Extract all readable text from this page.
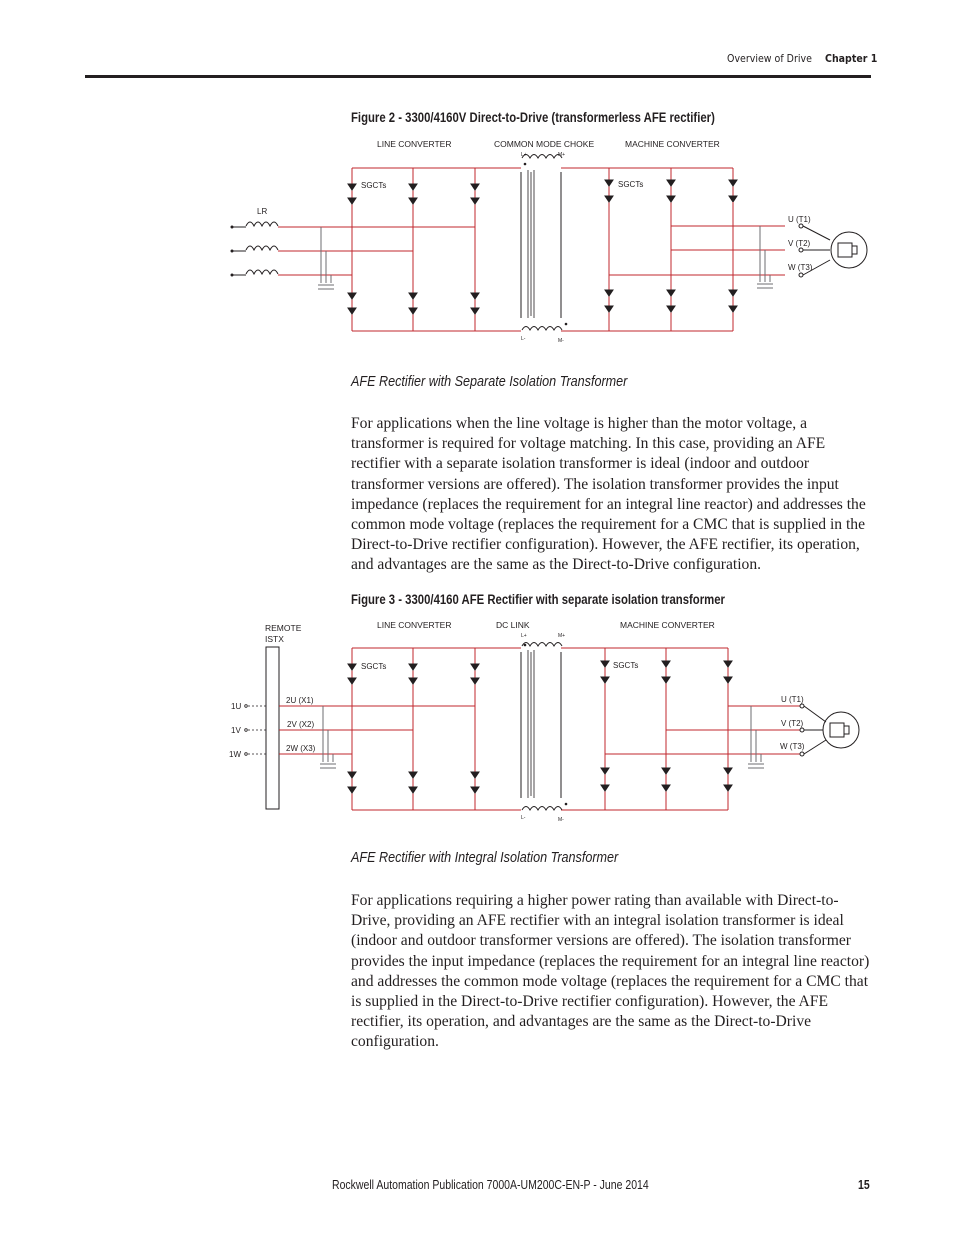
Overview of Drive Chapter 1
Figure 2 - 3300/4160V Direct-to-Drive (transformerless AFE rectifier)
LINE CONVERTER	COMMON MODE CHOKE	MACHINE CONVERTER
SGCTs	SGCTs
LR
U (T1)
V (T2)
W (T3)
L+	M+
L-	M-
AFE Rectifier with Separate Isolation Transformer
For applications when the line voltage is higher than the motor voltage, a transformer is required for voltage matching. In this case, providing an AFE rectifier with a separate isolation transformer is ideal (indoor and outdoor transformer versions are offered). The isolation transformer provides the input impedance (replaces the requirement for an integral line reactor) and addresses the common mode voltage (replaces the requirement for a CMC that is supplied in the Direct-to-Drive rectifier configuration). However, the AFE rectifier, its operation, and advantages are the same as the Direct-to-Drive configuration.
Figure 3 - 3300/4160 AFE Rectifier with separate isolation transformer
REMOTE
ISTX
LINE CONVERTER	DC LINK	MACHINE CONVERTER
SGCTs	SGCTs
1U
1V
1W
2U (X1)
2V (X2)
2W (X3)
U (T1)
V (T2)
W (T3)
L+	M+
L-	M-
AFE Rectifier with Integral Isolation Transformer
For applications requiring a higher power rating than available with Direct-to-Drive, providing an AFE rectifier with an integral isolation transformer is ideal (indoor and outdoor transformer versions are offered). The isolation transformer provides the input impedance (replaces the requirement for an integral line reactor) and addresses the common mode voltage (replaces the requirement for a CMC that is supplied in the Direct-to-Drive rectifier configuration). However, the AFE rectifier, its operation, and advantages are the same as the Direct-to-Drive configuration.
Rockwell Automation Publication 7000A-UM200C-EN-P - June 2014	15
